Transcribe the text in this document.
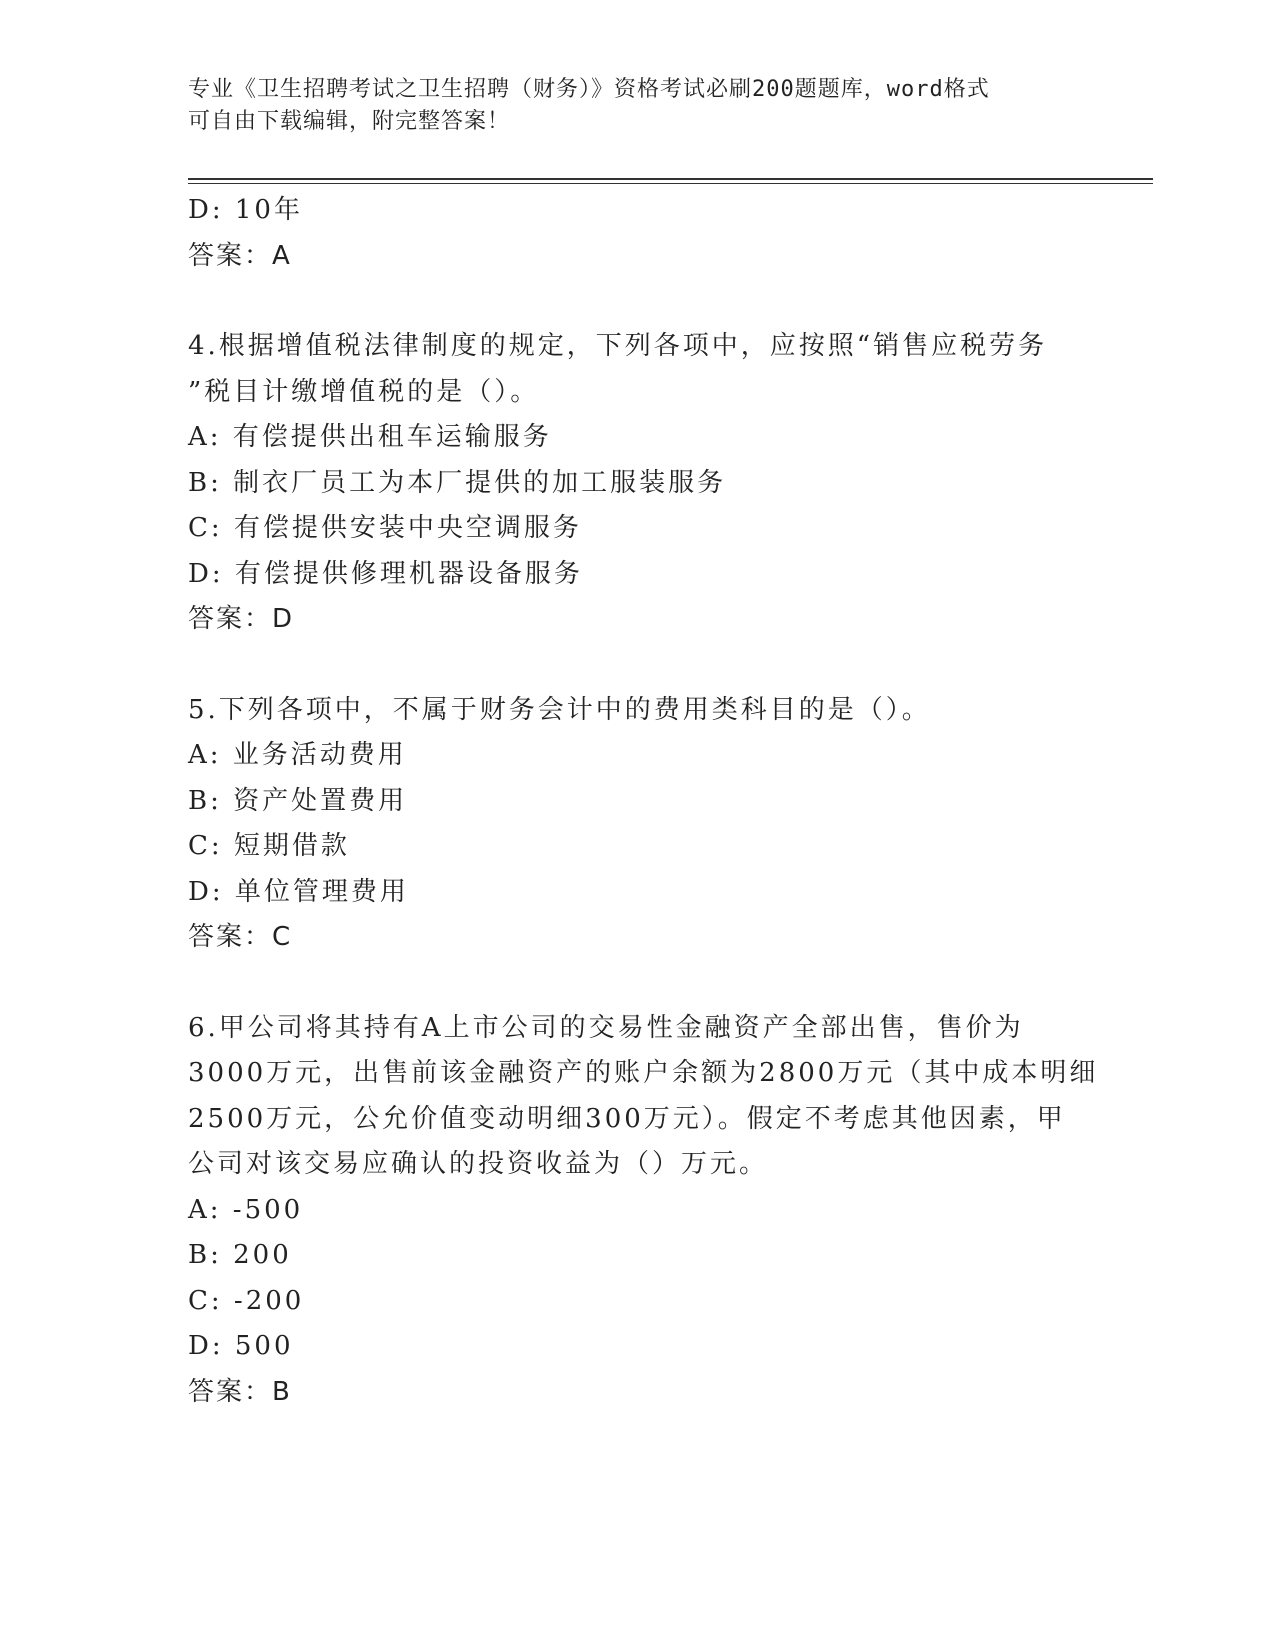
专业《卫生招聘考试之卫生招聘（财务）》资格考试必刷200题题库，word格式
可自由下载编辑，附完整答案！
D: 10年
答案：A
4.根据增值税法律制度的规定，下列各项中，应按照“销售应税劳务
”税目计缴增值税的是（）。
A: 有偿提供出租车运输服务
B: 制衣厂员工为本厂提供的加工服装服务
C: 有偿提供安装中央空调服务
D: 有偿提供修理机器设备服务
答案：D
5.下列各项中，不属于财务会计中的费用类科目的是（）。
A: 业务活动费用
B: 资产处置费用
C: 短期借款
D: 单位管理费用
答案：C
6.甲公司将其持有A上市公司的交易性金融资产全部出售，售价为
3000万元，出售前该金融资产的账户余额为2800万元（其中成本明细
2500万元，公允价值变动明细300万元）。假定不考虑其他因素，甲
公司对该交易应确认的投资收益为（）万元。
A: -500
B: 200
C: -200
D: 500
答案：B
